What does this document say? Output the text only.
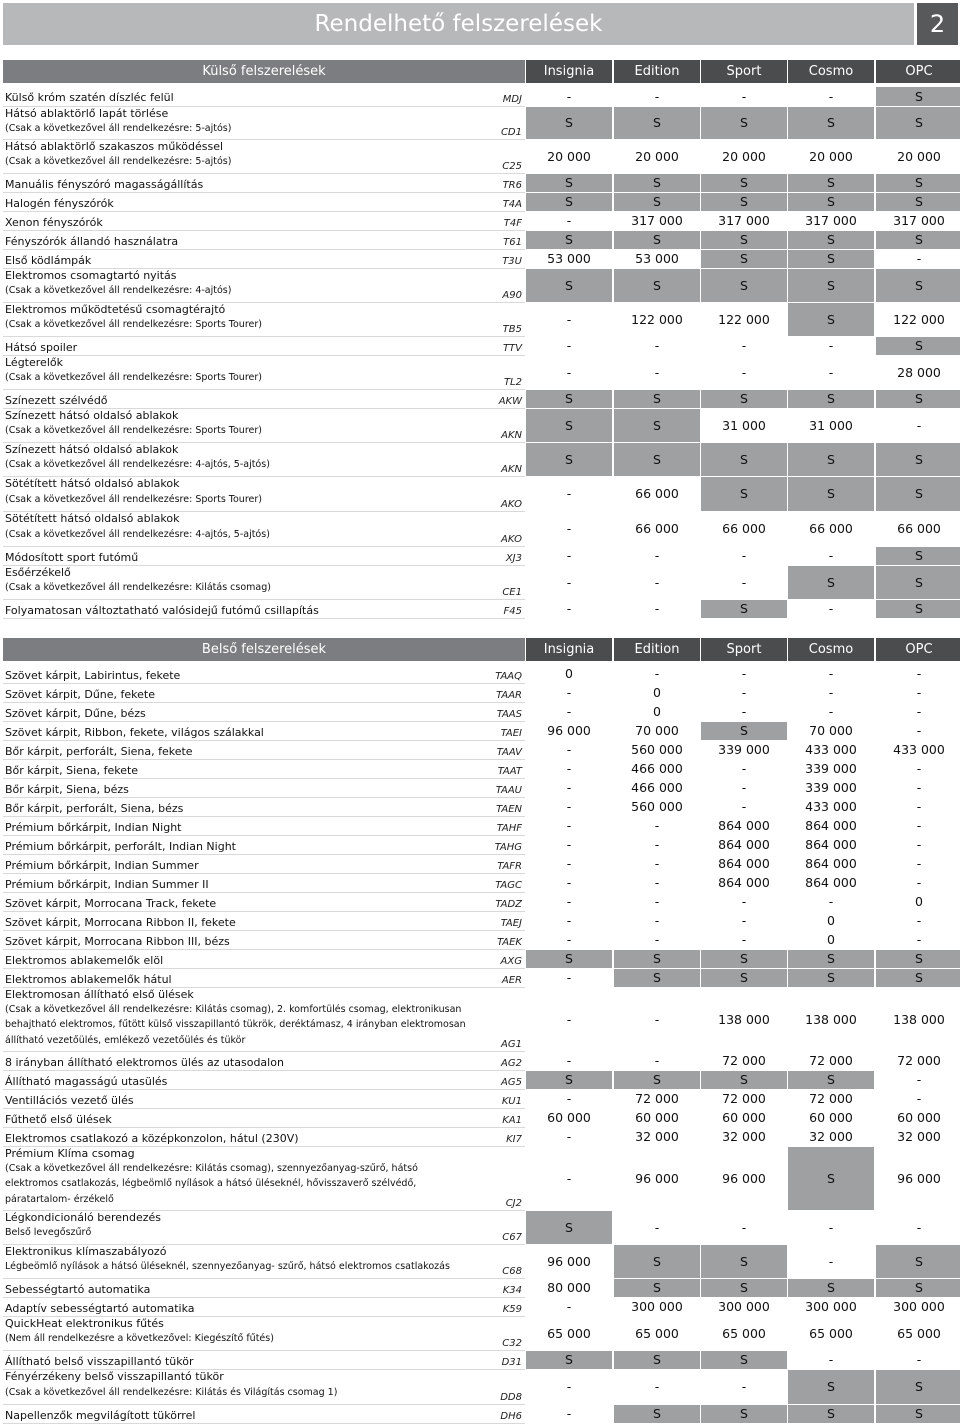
Rendelhető felszerelések	2
Külső felszerelések	Insignia	Edition	Sport	Cosmo	OPC
Külső króm szatén díszléc felül	MDJ	-	-	-	-	S
Hátsó ablaktörlő lapát törlése
(Csak a következővel áll rendelkezésre: 5-ajtós)	CD1
S	S	S	S	S
Hátsó ablaktörlő szakaszos működéssel
(Csak a következővel áll rendelkezésre: 5-ajtós)	C25
20 000	20 000	20 000	20 000	20 000
Manuális fényszóró magasságállítás	TR6	S	S	S	S	S
Halogén fényszórók	T4A	S	S	S	S	S
Xenon fényszórók	T4F	-	317 000	317 000	317 000	317 000
Fényszórók állandó használatra	T61	S	S	S	S	S
Első ködlámpák	T3U	53 000	53 000	S	S	-
Elektromos csomagtartó nyitás
(Csak a következővel áll rendelkezésre: 4-ajtós)	A90
S	S	S	S	S
Elektromos működtetésű csomagtérajtó
(Csak a következővel áll rendelkezésre: Sports Tourer)	TB5
-	122 000	122 000	S	122 000
Hátsó spoiler	TTV	-	-	-	-	S
Légterelők
(Csak a következővel áll rendelkezésre: Sports Tourer)	TL2
-	-	-	-	28 000
Színezett szélvédő	AKW	S	S	S	S	S
Színezett hátsó oldalsó ablakok
(Csak a következővel áll rendelkezésre: Sports Tourer)	AKN
S	S	31 000	31 000	-
Színezett hátsó oldalsó ablakok
(Csak a következővel áll rendelkezésre: 4-ajtós, 5-ajtós)	AKN
S	S	S	S	S
Sötétített hátsó oldalsó ablakok
(Csak a következővel áll rendelkezésre: Sports Tourer)	AKO
-	66 000	S	S	S
Sötétített hátsó oldalsó ablakok
(Csak a következővel áll rendelkezésre: 4-ajtós, 5-ajtós)	AKO
-	66 000	66 000	66 000	66 000
Módosított sport futómű	XJ3	-	-	-	-	S
Esőérzékelő
(Csak a következővel áll rendelkezésre: Kilátás csomag)	CE1
-	-	-	S	S
Folyamatosan változtatható valósidejű futómű csillapítás	F45	-	-	S	-	S
Belső felszerelések	Insignia	Edition	Sport	Cosmo	OPC
Szövet kárpit, Labirintus, fekete	TAAQ	0	-	-	-	-
Szövet kárpit, Dűne, fekete	TAAR	-	0	-	-	-
Szövet kárpit, Dűne, bézs	TAAS	-	0	-	-	-
Szövet kárpit, Ribbon, fekete, világos szálakkal	TAEI	96 000	70 000	S	70 000	-
Bőr kárpit, perforált, Siena, fekete	TAAV	-	560 000	339 000	433 000	433 000
Bőr kárpit, Siena, fekete	TAAT	-	466 000	-	339 000	-
Bőr kárpit, Siena, bézs	TAAU	-	466 000	-	339 000	-
Bőr kárpit, perforált, Siena, bézs	TAEN	-	560 000	-	433 000	-
Prémium bőrkárpit, Indian Night	TAHF	-	-	864 000	864 000	-
Prémium bőrkárpit, perforált, Indian Night	TAHG	-	-	864 000	864 000	-
Prémium bőrkárpit, Indian Summer	TAFR	-	-	864 000	864 000	-
Prémium bőrkárpit, Indian Summer II	TAGC	-	-	864 000	864 000	-
Szövet kárpit, Morrocana Track, fekete	TADZ	-	-	-	-	0
Szövet kárpit, Morrocana Ribbon II, fekete	TAEJ	-	-	-	0	-
Szövet kárpit, Morrocana Ribbon III, bézs	TAEK	-	-	-	0	-
Elektromos ablakemelők elöl	AXG	S	S	S	S	S
Elektromos ablakemelők hátul	AER	-	S	S	S	S
Elektromosan állítható első ülések
(Csak a következővel áll rendelkezésre: Kilátás csomag), 2. komfortülés csomag, elektronikusan
behajtható elektromos, fűtött külső visszapillantó tükrök, deréktámasz, 4 irányban elektromosan
állítható vezetőülés, emlékező vezetőülés és tükör	AG1
-	-	138 000	138 000	138 000
8 irányban állítható elektromos ülés az utasodalon	AG2	-	-	72 000	72 000	72 000
Állítható magasságú utasülés	AG5	S	S	S	S	-
Ventillációs vezető ülés	KU1	-	72 000	72 000	72 000	-
Fűthető első ülések	KA1	60 000	60 000	60 000	60 000	60 000
Elektromos csatlakozó a középkonzolon, hátul (230V)	KI7	-	32 000	32 000	32 000	32 000
Prémium Klíma csomag
(Csak a következővel áll rendelkezésre: Kilátás csomag), szennyezőanyag-szűrő, hátsó
elektromos csatlakozás, légbeömlő nyílások a hátsó üléseknél, hővisszaverő szélvédő,
páratartalom- érzékelő	CJ2
-	96 000	96 000	S	96 000
Légkondicionáló berendezés
Belső levegőszűrő	C67
S	-	-	-	-
Elektronikus klímaszabályozó
Légbeömlő nyílások a hátsó üléseknél, szennyezőanyag- szűrő, hátsó elektromos csatlakozás	C68
96 000	S	S	-	S
Sebességtartó automatika	K34	80 000	S	S	S	S
Adaptív sebességtartó automatika	K59	-	300 000	300 000	300 000	300 000
QuickHeat elektronikus fűtés
(Nem áll rendelkezésre a következővel: Kiegészítő fűtés)	C32
65 000	65 000	65 000	65 000	65 000
Állítható belső visszapillantó tükör	D31	S	S	S	-	-
Fényérzékeny belső visszapillantó tükör
(Csak a következővel áll rendelkezésre: Kilátás és Világítás csomag 1)	DD8
-	-	-	S	S
Napellenzők megvilágított tükörrel	DH6	-	S	S	S	S
